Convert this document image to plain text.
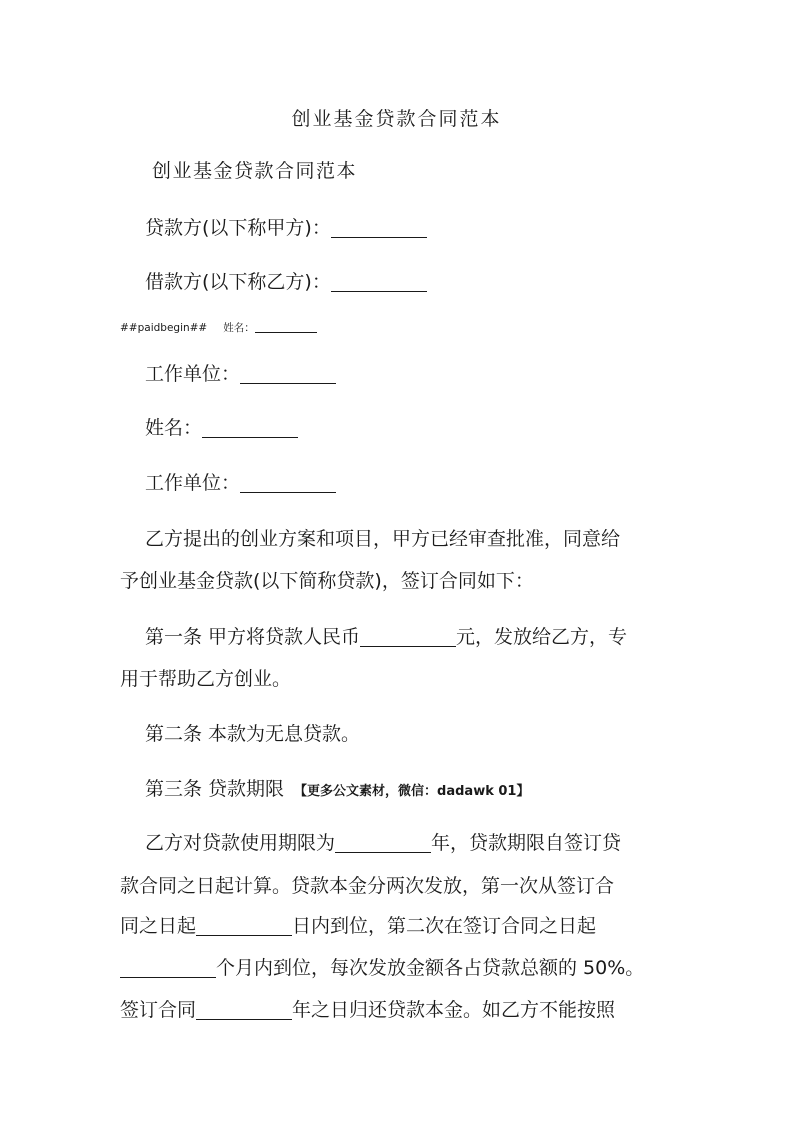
创业基金贷款合同范本

创业基金贷款合同范本

贷款方(以下称甲方)：

借款方(以下称乙方)：

##paidbegin## 姓名：

工作单位：

姓名：

工作单位：

乙方提出的创业方案和项目，甲方已经审查批准，同意给

予创业基金贷款(以下简称贷款)，签订合同如下：

第一条 甲方将贷款人民币	元，发放给乙方，专

用于帮助乙方创业。

第二条 本款为无息贷款。

第三条 贷款期限 【更多公文素材，微信：dadawk 01】

乙方对贷款使用期限为	年，贷款期限自签订贷

款合同之日起计算。贷款本金分两次发放，第一次从签订合

同之日起	日内到位，第二次在签订合同之日起

个月内到位，每次发放金额各占贷款总额的 50%。

签订合同	年之日归还贷款本金。如乙方不能按照
